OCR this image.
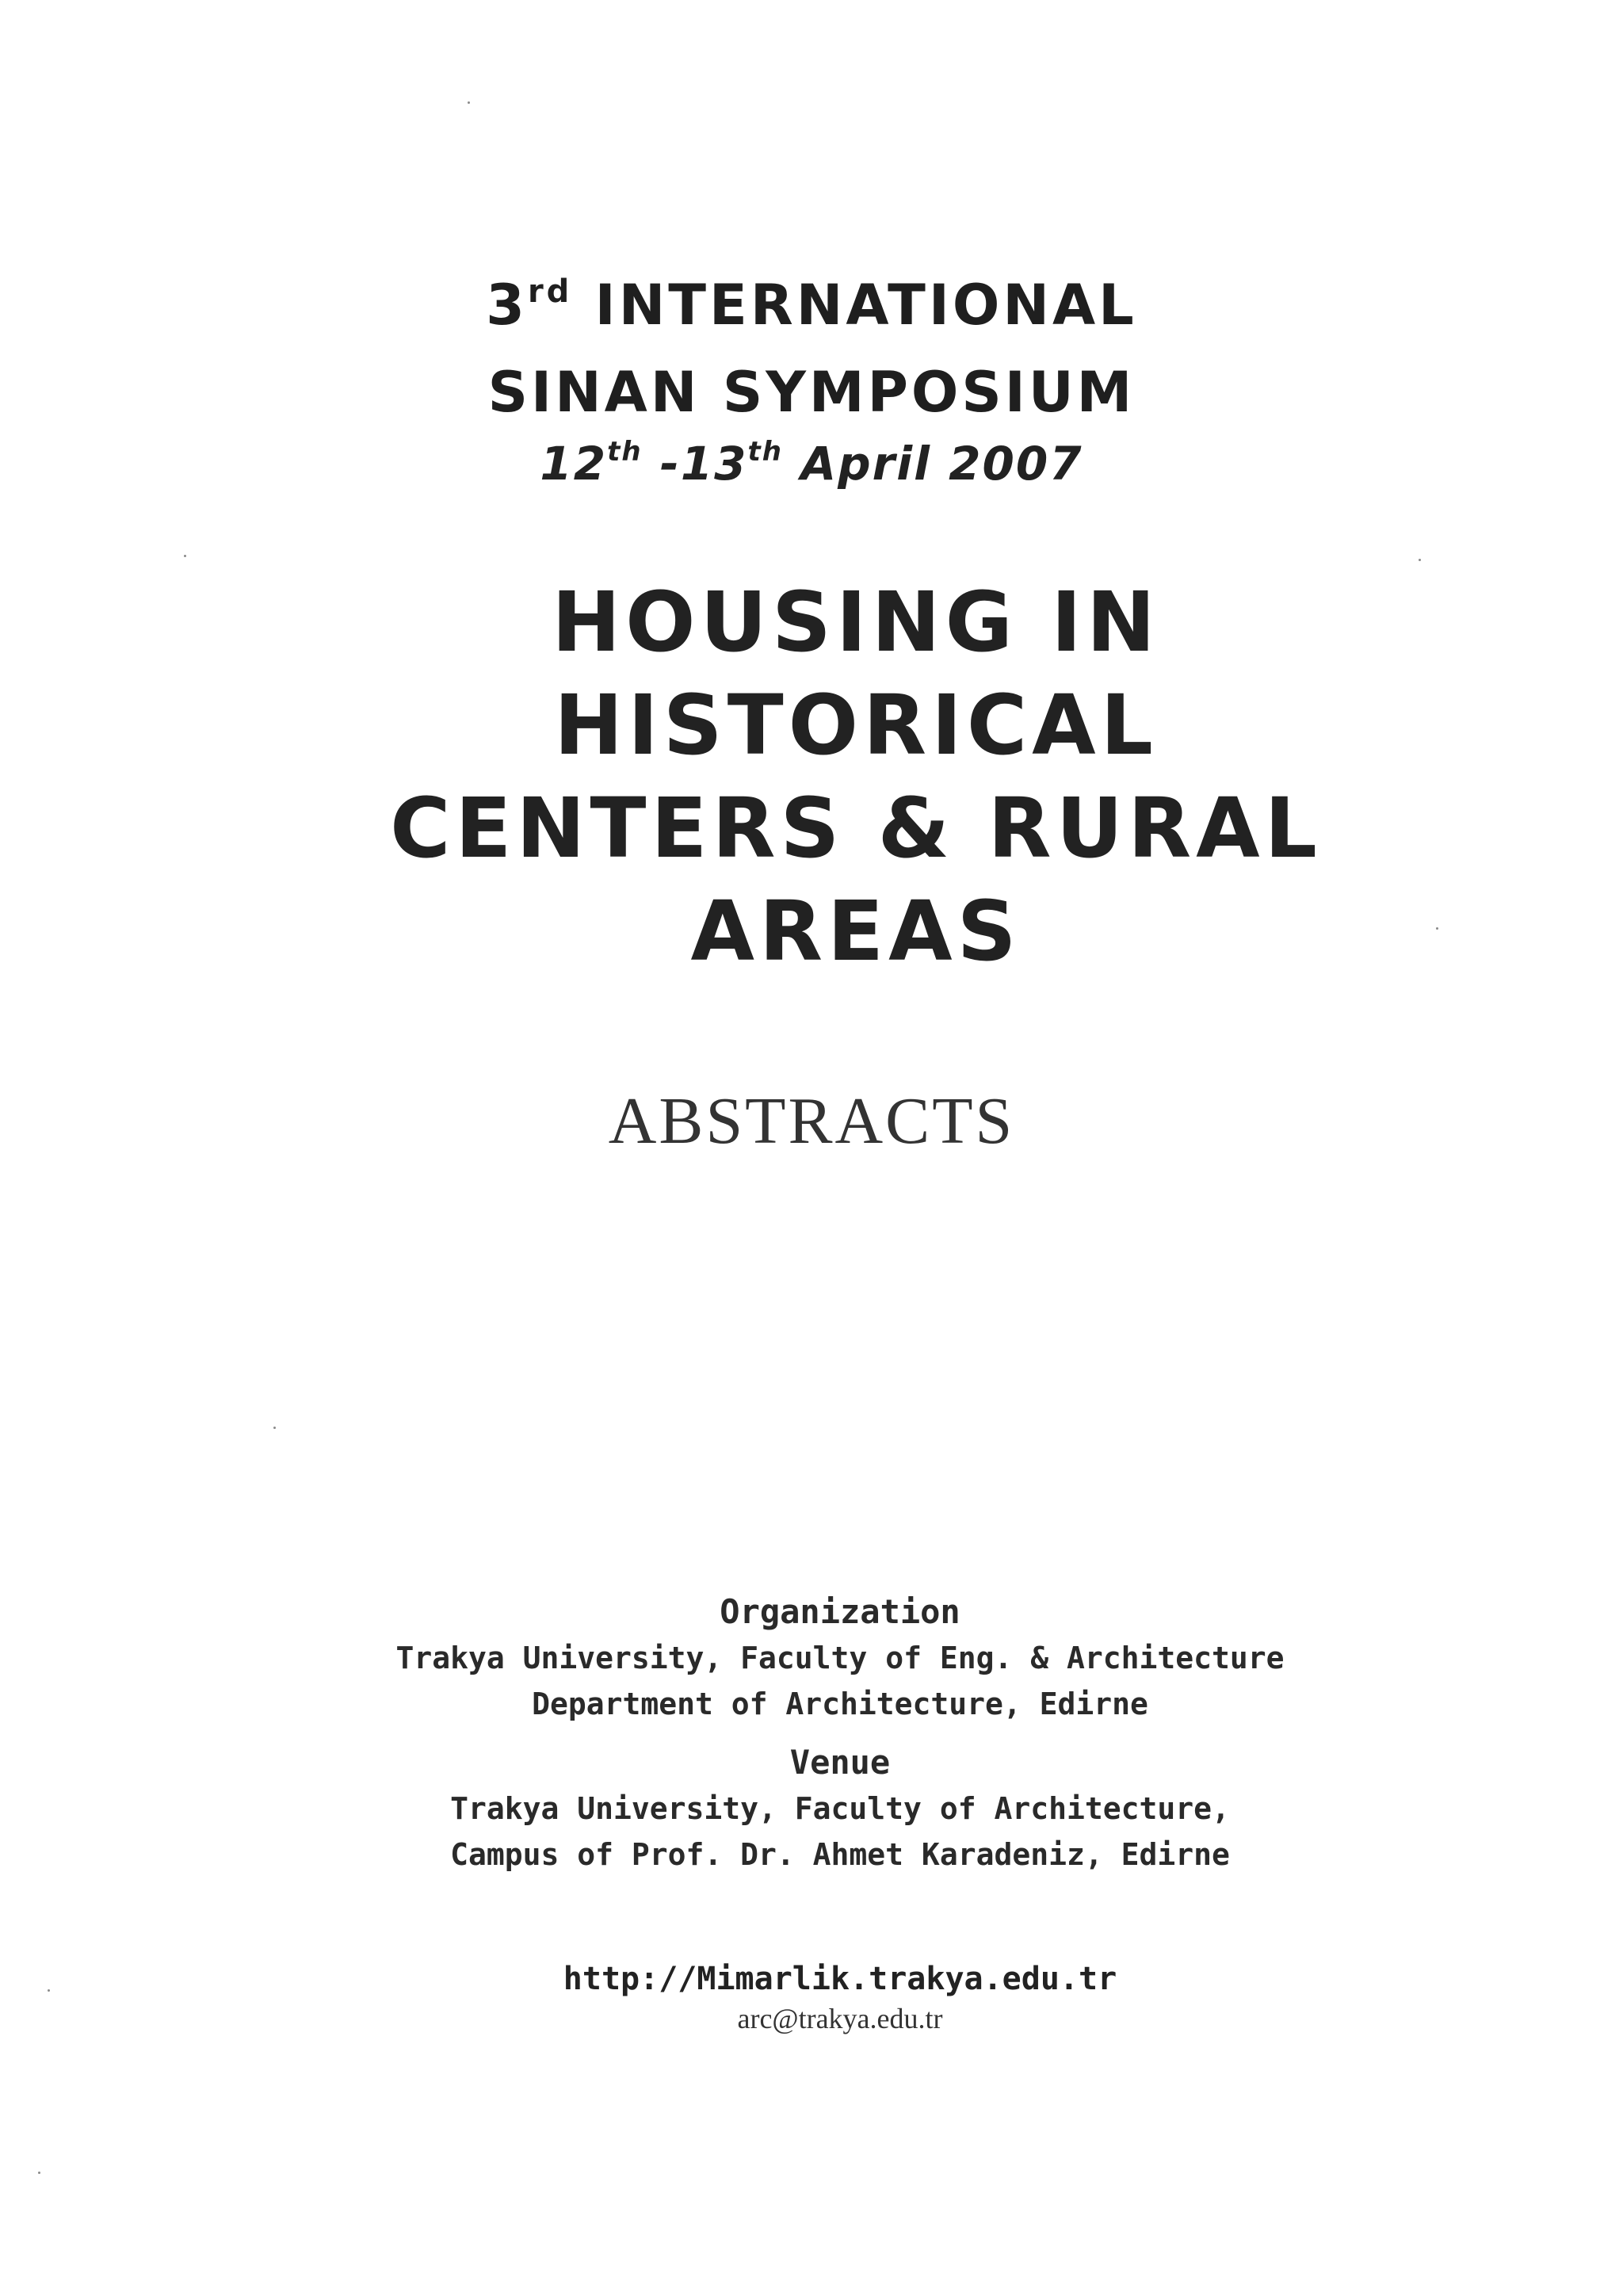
3rd INTERNATIONAL
SINAN SYMPOSIUM
12th -13th April 2007
HOUSING IN HISTORICAL
CENTERS & RURAL AREAS
ABSTRACTS
Organization
Trakya University, Faculty of Eng. & Architecture
Department of Architecture, Edirne
Venue
Trakya University, Faculty of Architecture,
Campus of Prof. Dr. Ahmet Karadeniz, Edirne
http://Mimarlik.trakya.edu.tr
arc@trakya.edu.tr
